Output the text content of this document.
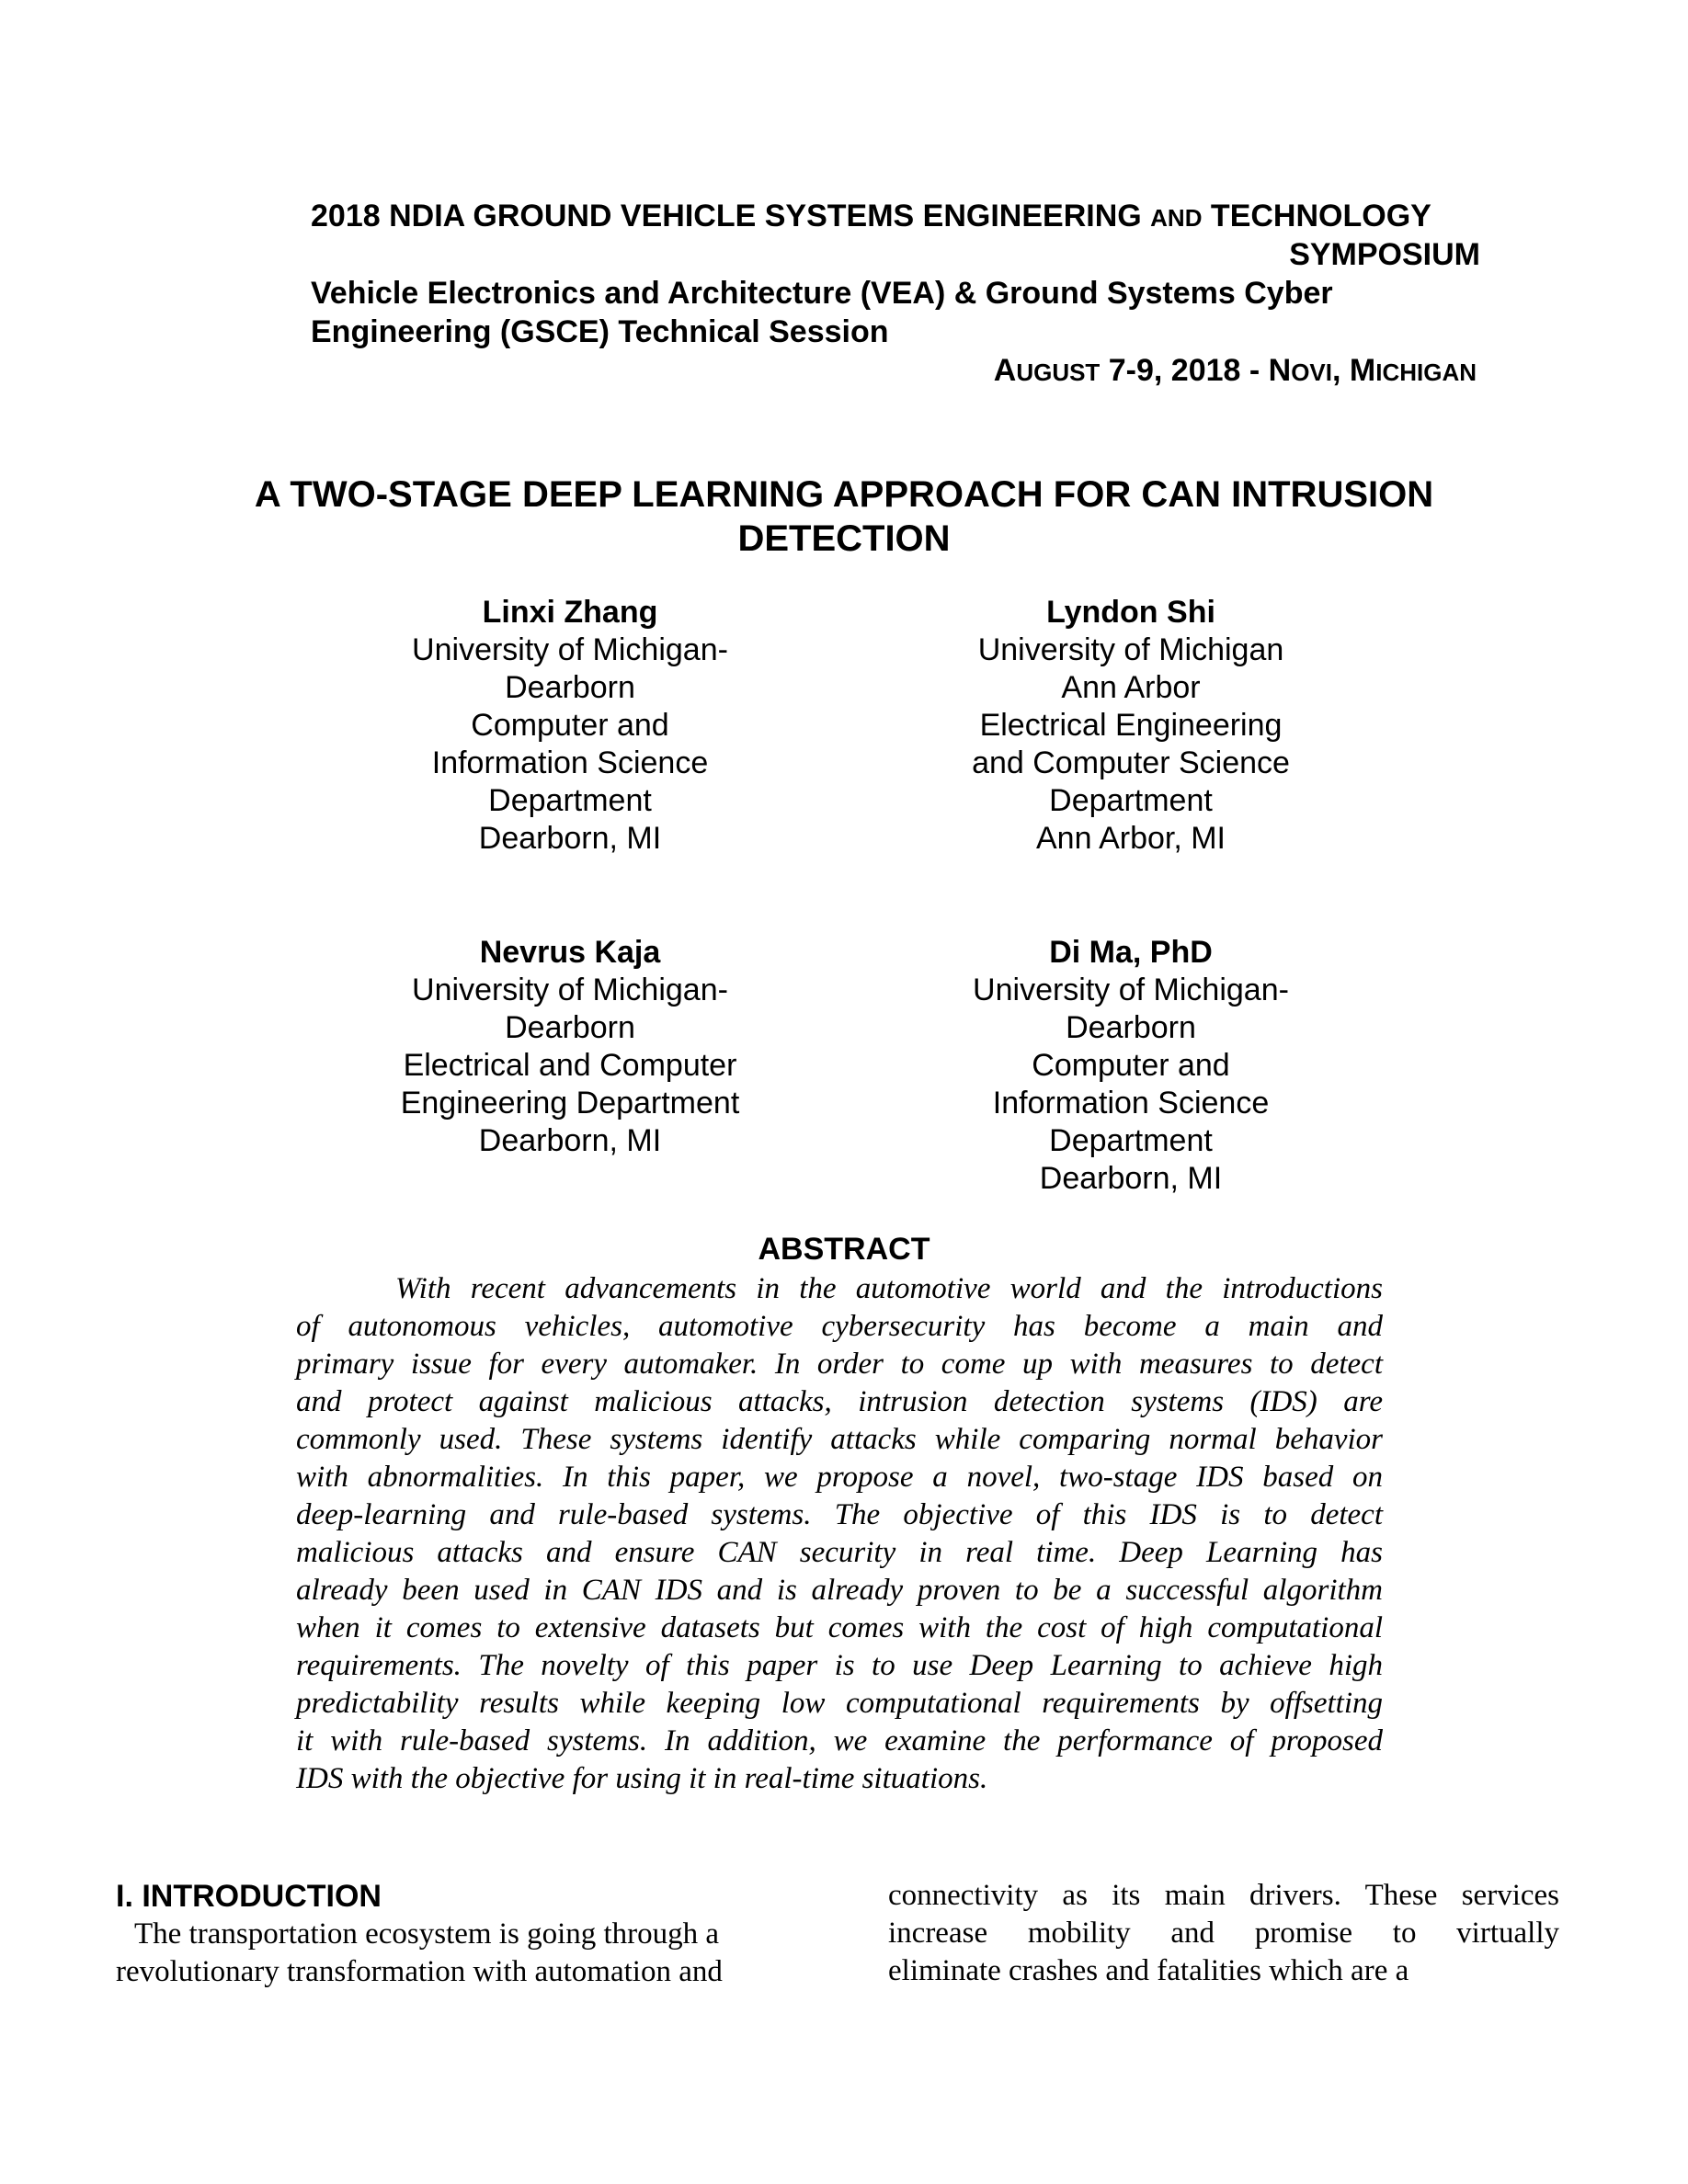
2018 NDIA GROUND VEHICLE SYSTEMS ENGINEERING AND TECHNOLOGY
SYMPOSIUM
Vehicle Electronics and Architecture (VEA) & Ground Systems Cyber
Engineering (GSCE) Technical Session
AUGUST 7-9, 2018 - NOVI, MICHIGAN
A TWO-STAGE DEEP LEARNING APPROACH FOR CAN INTRUSION
DETECTION
Linxi Zhang
University of Michigan-
Dearborn
Computer and
Information Science
Department
Dearborn, MI
Lyndon Shi
University of Michigan
Ann Arbor
Electrical Engineering
and Computer Science
Department
Ann Arbor, MI
Nevrus Kaja
University of Michigan-
Dearborn
Electrical and Computer
Engineering Department
Dearborn, MI
Di Ma, PhD
University of Michigan-
Dearborn
Computer and
Information Science
Department
Dearborn, MI
ABSTRACT
With recent advancements in the automotive world and the introductions
of autonomous vehicles, automotive cybersecurity has become a main and
primary issue for every automaker. In order to come up with measures to detect
and protect against malicious attacks, intrusion detection systems (IDS) are
commonly used. These systems identify attacks while comparing normal behavior
with abnormalities. In this paper, we propose a novel, two-stage IDS based on
deep-learning and rule-based systems. The objective of this IDS is to detect
malicious attacks and ensure CAN security in real time. Deep Learning has
already been used in CAN IDS and is already proven to be a successful algorithm
when it comes to extensive datasets but comes with the cost of high computational
requirements. The novelty of this paper is to use Deep Learning to achieve high
predictability results while keeping low computational requirements by offsetting
it with rule-based systems. In addition, we examine the performance of proposed
IDS with the objective for using it in real-time situations.
I. INTRODUCTION
The transportation ecosystem is going through a
revolutionary transformation with automation and
connectivity as its main drivers. These services
increase mobility and promise to virtually
eliminate crashes and fatalities which are a
